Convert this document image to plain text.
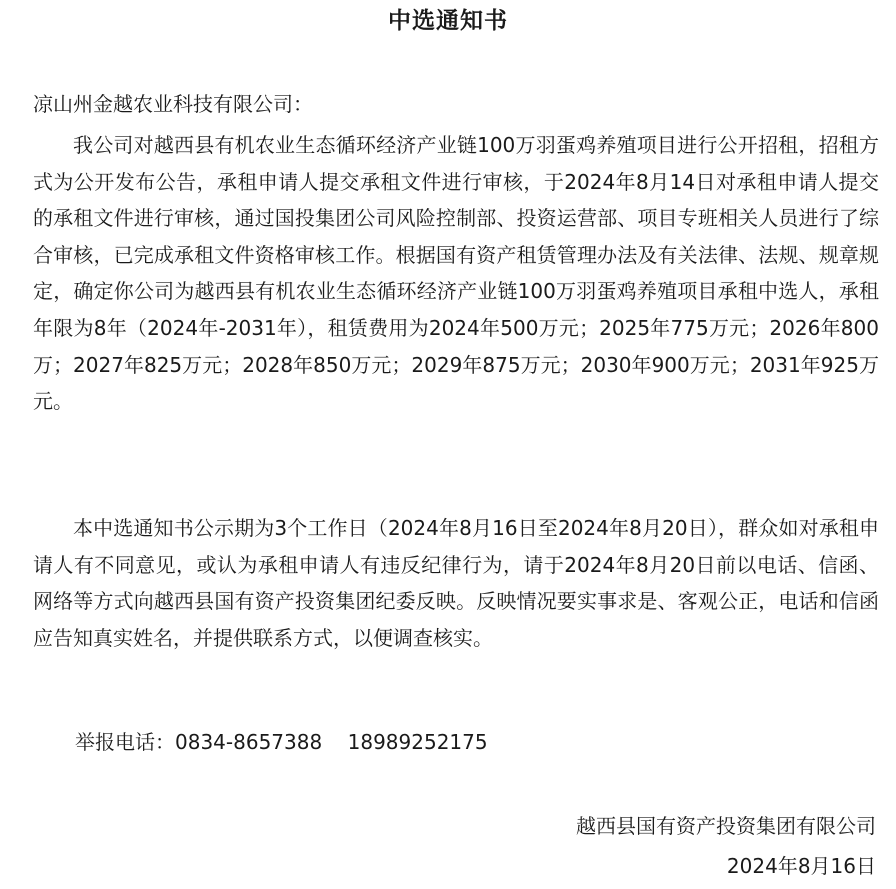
中选通知书
凉山州金越农业科技有限公司：
我公司对越西县有机农业生态循环经济产业链100万羽蛋鸡养殖项目进行公开招租，招租方式为公开发布公告，承租申请人提交承租文件进行审核，于2024年8月14日对承租申请人提交的承租文件进行审核，通过国投集团公司风险控制部、投资运营部、项目专班相关人员进行了综合审核，已完成承租文件资格审核工作。根据国有资产租赁管理办法及有关法律、法规、规章规定，确定你公司为越西县有机农业生态循环经济产业链100万羽蛋鸡养殖项目承租中选人，承租年限为8年（2024年-2031年），租赁费用为2024年500万元；2025年775万元；2026年800万；2027年825万元；2028年850万元；2029年875万元；2030年900万元；2031年925万元。
本中选通知书公示期为3个工作日（2024年8月16日至2024年8月20日），群众如对承租申请人有不同意见，或认为承租申请人有违反纪律行为，请于2024年8月20日前以电话、信函、网络等方式向越西县国有资产投资集团纪委反映。反映情况要实事求是、客观公正，电话和信函应告知真实姓名，并提供联系方式，以便调查核实。
举报电话：0834-8657388 18989252175
越西县国有资产投资集团有限公司
2024年8月16日
